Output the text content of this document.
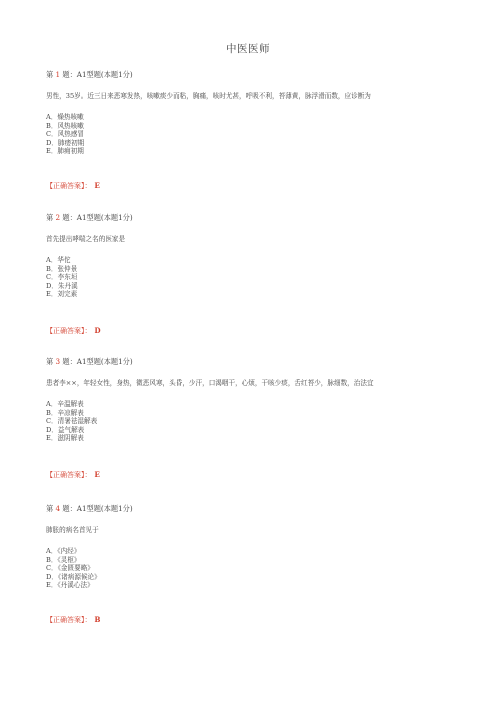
中医医师
第 1 题：A1型题(本题1分)
男性，35岁。近三日来恶寒发热，咳嗽痰少而粘，胸痛，咳时尤甚，呼吸不利，苔薄黄，脉浮滑而数，应诊断为
A．燥热咳嗽
B．风热咳嗽
C．风热感冒
D．肺痿初期
E．肺痈初期
【正确答案】： E
第 2 题：A1型题(本题1分)
首先提出哮喘之名的医家是
A．华佗
B．张仲景
C．李东垣
D．朱丹溪
E．刘完素
【正确答案】： D
第 3 题：A1型题(本题1分)
患者李××，年轻女性，身热，微恶风寒，头昏，少汗，口渴咽干，心烦，干咳少痰，舌红苔少，脉细数，治法宜
A．辛温解表
B．辛凉解表
C．清暑祛湿解表
D．益气解表
E．滋阴解表
【正确答案】： E
第 4 题：A1型题(本题1分)
肺胀的病名首见于
A．《内经》
B．《灵枢》
C．《金匮要略》
D．《诸病源候论》
E．《丹溪心法》
【正确答案】： B
